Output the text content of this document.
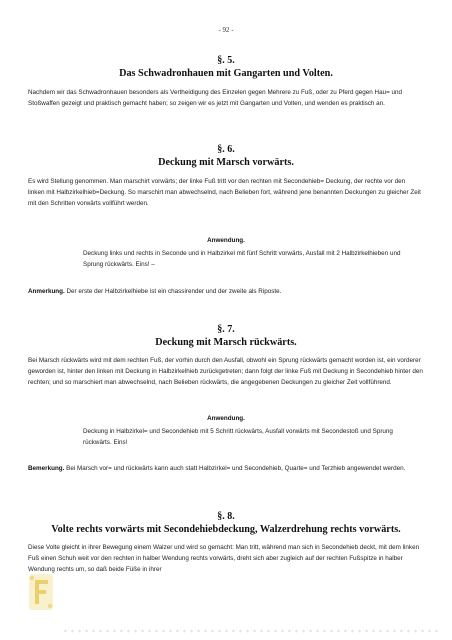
- 92 -
§. 5.
Das Schwadronhauen mit Gangarten und Volten.

Nachdem wir das Schwadronhauen besonders als Vertheidigung des Einzelen gegen Mehrere zu Fuß, oder zu Pferd gegen Hau= und Stoßwaffen gezeigt und praktisch gemacht haben; so zeigen wir es jetzt mit Gangarten und Volten, und wenden es praktisch an.

§. 6.
Deckung mit Marsch vorwärts.

Es wird Stellung genommen. Man marschirt vorwärts; der linke Fuß tritt vor den rechten mit Secondehieb= Deckung, der rechte vor den linken mit Halbzirkelhieb=Deckung. So marschirt man abwechselnd, nach Belieben fort, während jene benannten Deckungen zu gleicher Zeit mit den Schritten vorwärts vollführt werden.

Anwendung.

Deckung links und rechts in Seconde und in Halbzirkel mit fünf Schritt vorwärts, Ausfall mit 2 Halbzirkelhieben und Sprung rückwärts. Eins! –

Anmerkung. Der erste der Halbzirkelhiebe ist ein chassirender und der zweite als Riposte.

§. 7.
Deckung mit Marsch rückwärts.

Bei Marsch rückwärts wird mit dem rechten Fuß, der vorhin durch den Ausfall, obwohl ein Sprung rückwärts gemacht worden ist, ein vorderer geworden ist, hinter den linken mit Deckung in Halbzirkelhieb zurückgetreten; dann folgt der linke Fuß mit Deckung in Secondehieb hinter den rechten; und so marschiert man abwechselnd, nach Belieben rückwärts, die angegebenen Deckungen zu gleicher Zeit vollführend.

Anwendung.

Deckung in Halbzirkel= und Secondehieb mit 5 Schritt rückwärts, Ausfall vorwärts mit Secondestoß und Sprung rückwärts. Eins!

Bemerkung. Bei Marsch vor= und rückwärts kann auch statt Halbzirkel= und Secondehieb, Quarte= und Terzhieb angewendet werden.

§. 8.
Volte rechts vorwärts mit Secondehiebdeckung, Walzerdrehung rechts vorwärts.

Diese Volte gleicht in ihrer Bewegung einem Walzer und wird so gemacht: Man tritt, während man sich in Secondehieb deckt, mit dem linken Fuß einen Schuh weit vor den rechten in halber Wendung rechts vorwärts, dreht sich aber zugleich auf der rechten Fußspitze in halber Wendung rechts um, so daß beide Füße in ihrer
